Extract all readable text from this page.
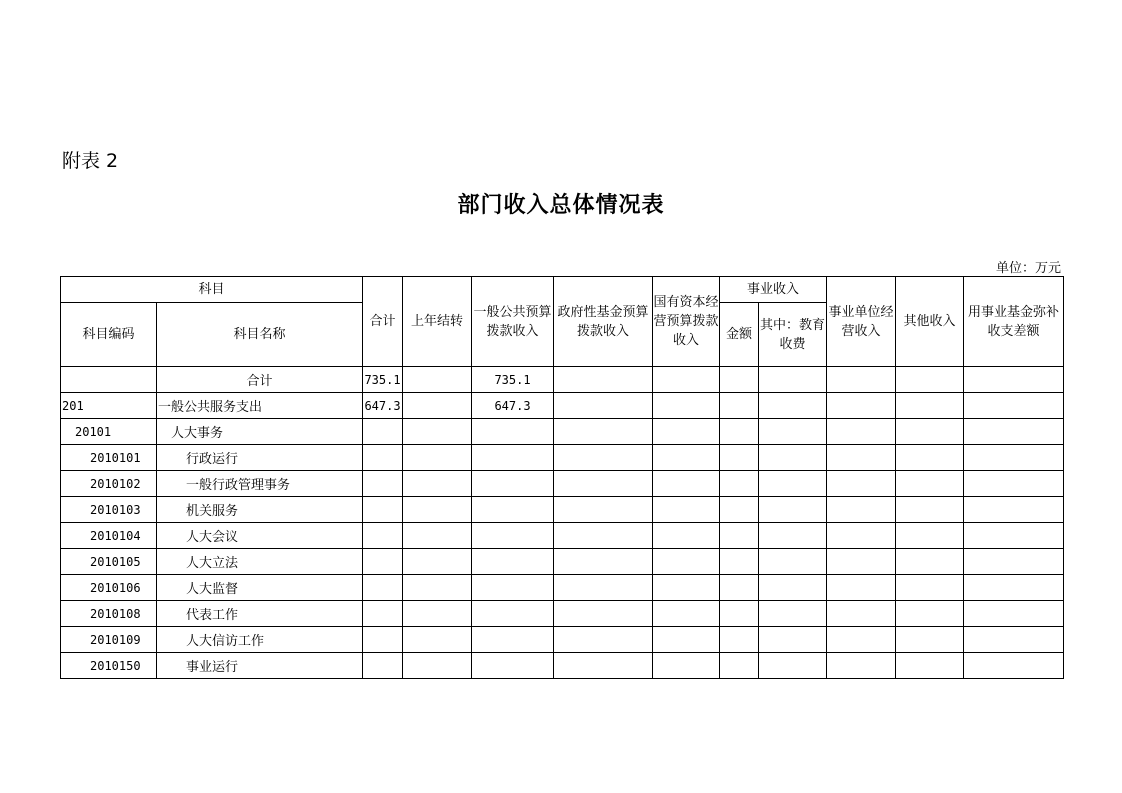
附表 2
部门收入总体情况表
单位：万元
科目		合计	上年结转	一般公共预算拨款收入	政府性基金预算拨款收入	国有资本经营预算拨款收入	事业收入		事业单位经营收入	其他收入	用事业基金弥补收支差额
科目编码	科目名称						金额	其中：教育收费			
	合计	735.1		735.1							
201	一般公共服务支出	647.3		647.3							
20101	人大事务										
2010101	行政运行										
2010102	一般行政管理事务										
2010103	机关服务										
2010104	人大会议										
2010105	人大立法										
2010106	人大监督										
2010108	代表工作										
2010109	人大信访工作										
2010150	事业运行										
